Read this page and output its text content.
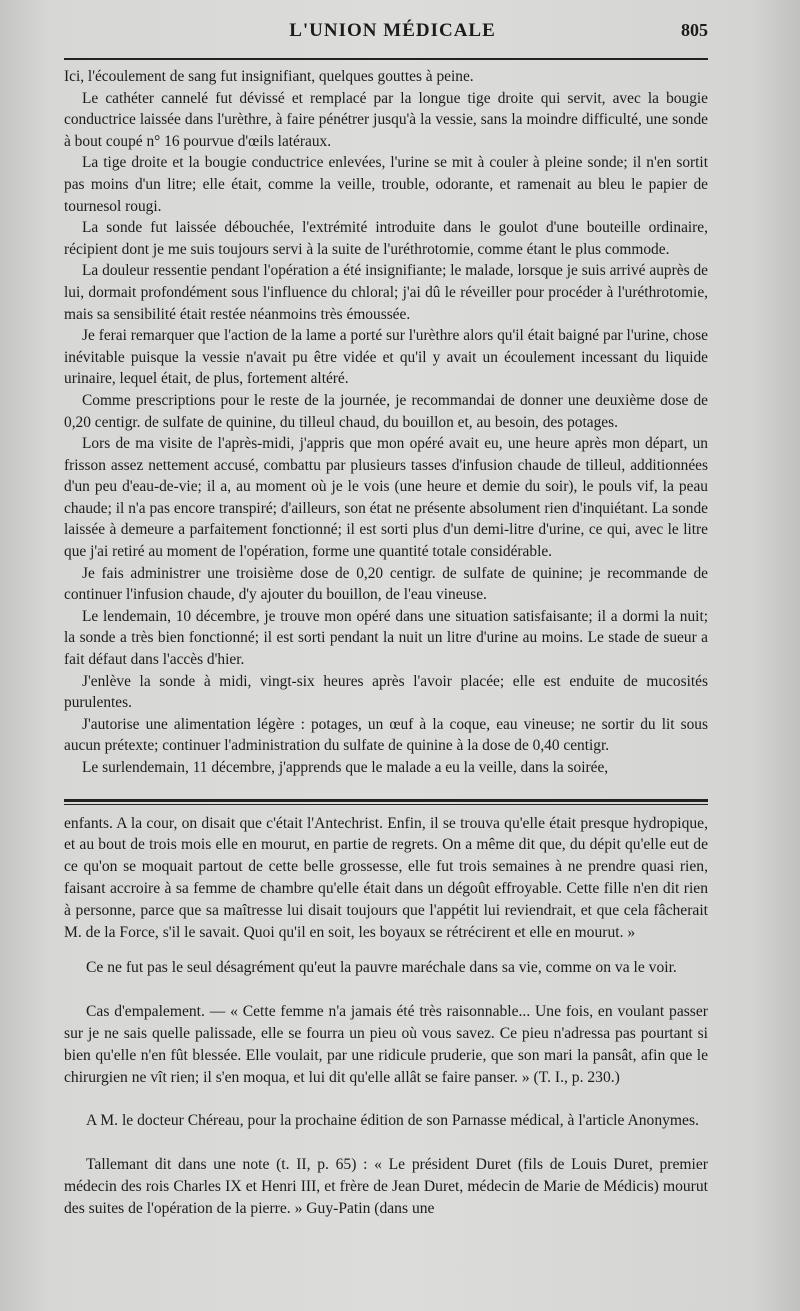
L'UNION MÉDICALE	805

Ici, l'écoulement de sang fut insignifiant, quelques gouttes à peine.

Le cathéter cannelé fut dévissé et remplacé par la longue tige droite qui servit, avec la bougie conductrice laissée dans l'urèthre, à faire pénétrer jusqu'à la vessie, sans la moindre difficulté, une sonde à bout coupé n° 16 pourvue d'œils latéraux.

La tige droite et la bougie conductrice enlevées, l'urine se mit à couler à pleine sonde; il n'en sortit pas moins d'un litre; elle était, comme la veille, trouble, odorante, et ramenait au bleu le papier de tournesol rougi.

La sonde fut laissée débouchée, l'extrémité introduite dans le goulot d'une bouteille ordinaire, récipient dont je me suis toujours servi à la suite de l'uréthrotomie, comme étant le plus commode.

La douleur ressentie pendant l'opération a été insignifiante; le malade, lorsque je suis arrivé auprès de lui, dormait profondément sous l'influence du chloral; j'ai dû le réveiller pour procéder à l'uréthrotomie, mais sa sensibilité était restée néanmoins très émoussée.

Je ferai remarquer que l'action de la lame a porté sur l'urèthre alors qu'il était baigné par l'urine, chose inévitable puisque la vessie n'avait pu être vidée et qu'il y avait un écoulement incessant du liquide urinaire, lequel était, de plus, fortement altéré.

Comme prescriptions pour le reste de la journée, je recommandai de donner une deuxième dose de 0,20 centigr. de sulfate de quinine, du tilleul chaud, du bouillon et, au besoin, des potages.

Lors de ma visite de l'après-midi, j'appris que mon opéré avait eu, une heure après mon départ, un frisson assez nettement accusé, combattu par plusieurs tasses d'infusion chaude de tilleul, additionnées d'un peu d'eau-de-vie; il a, au moment où je le vois (une heure et demie du soir), le pouls vif, la peau chaude; il n'a pas encore transpiré; d'ailleurs, son état ne présente absolument rien d'inquiétant. La sonde laissée à demeure a parfaitement fonctionné; il est sorti plus d'un demi-litre d'urine, ce qui, avec le litre que j'ai retiré au moment de l'opération, forme une quantité totale considérable.

Je fais administrer une troisième dose de 0,20 centigr. de sulfate de quinine; je recommande de continuer l'infusion chaude, d'y ajouter du bouillon, de l'eau vineuse.

Le lendemain, 10 décembre, je trouve mon opéré dans une situation satisfaisante; il a dormi la nuit; la sonde a très bien fonctionné; il est sorti pendant la nuit un litre d'urine au moins. Le stade de sueur a fait défaut dans l'accès d'hier.

J'enlève la sonde à midi, vingt-six heures après l'avoir placée; elle est enduite de mucosités purulentes.

J'autorise une alimentation légère : potages, un œuf à la coque, eau vineuse; ne sortir du lit sous aucun prétexte; continuer l'administration du sulfate de quinine à la dose de 0,40 centigr.

Le surlendemain, 11 décembre, j'apprends que le malade a eu la veille, dans la soirée,

enfants. A la cour, on disait que c'était l'Antechrist. Enfin, il se trouva qu'elle était presque hydropique, et au bout de trois mois elle en mourut, en partie de regrets. On a même dit que, du dépit qu'elle eut de ce qu'on se moquait partout de cette belle grossesse, elle fut trois semaines à ne prendre quasi rien, faisant accroire à sa femme de chambre qu'elle était dans un dégoût effroyable. Cette fille n'en dit rien à personne, parce que sa maîtresse lui disait toujours que l'appétit lui reviendrait, et que cela fâcherait M. de la Force, s'il le savait. Quoi qu'il en soit, les boyaux se rétrécirent et elle en mourut. »

Ce ne fut pas le seul désagrément qu'eut la pauvre maréchale dans sa vie, comme on va le voir.

Cas d'empalement. — « Cette femme n'a jamais été très raisonnable... Une fois, en voulant passer sur je ne sais quelle palissade, elle se fourra un pieu où vous savez. Ce pieu n'adressa pas pourtant si bien qu'elle n'en fût blessée. Elle voulait, par une ridicule pruderie, que son mari la pansât, afin que le chirurgien ne vît rien; il s'en moqua, et lui dit qu'elle allât se faire panser. » (T. I., p. 230.)

A M. le docteur Chéreau, pour la prochaine édition de son Parnasse médical, à l'article Anonymes.

Tallemant dit dans une note (t. II, p. 65) : « Le président Duret (fils de Louis Duret, premier médecin des rois Charles IX et Henri III, et frère de Jean Duret, médecin de Marie de Médicis) mourut des suites de l'opération de la pierre. » Guy-Patin (dans une
